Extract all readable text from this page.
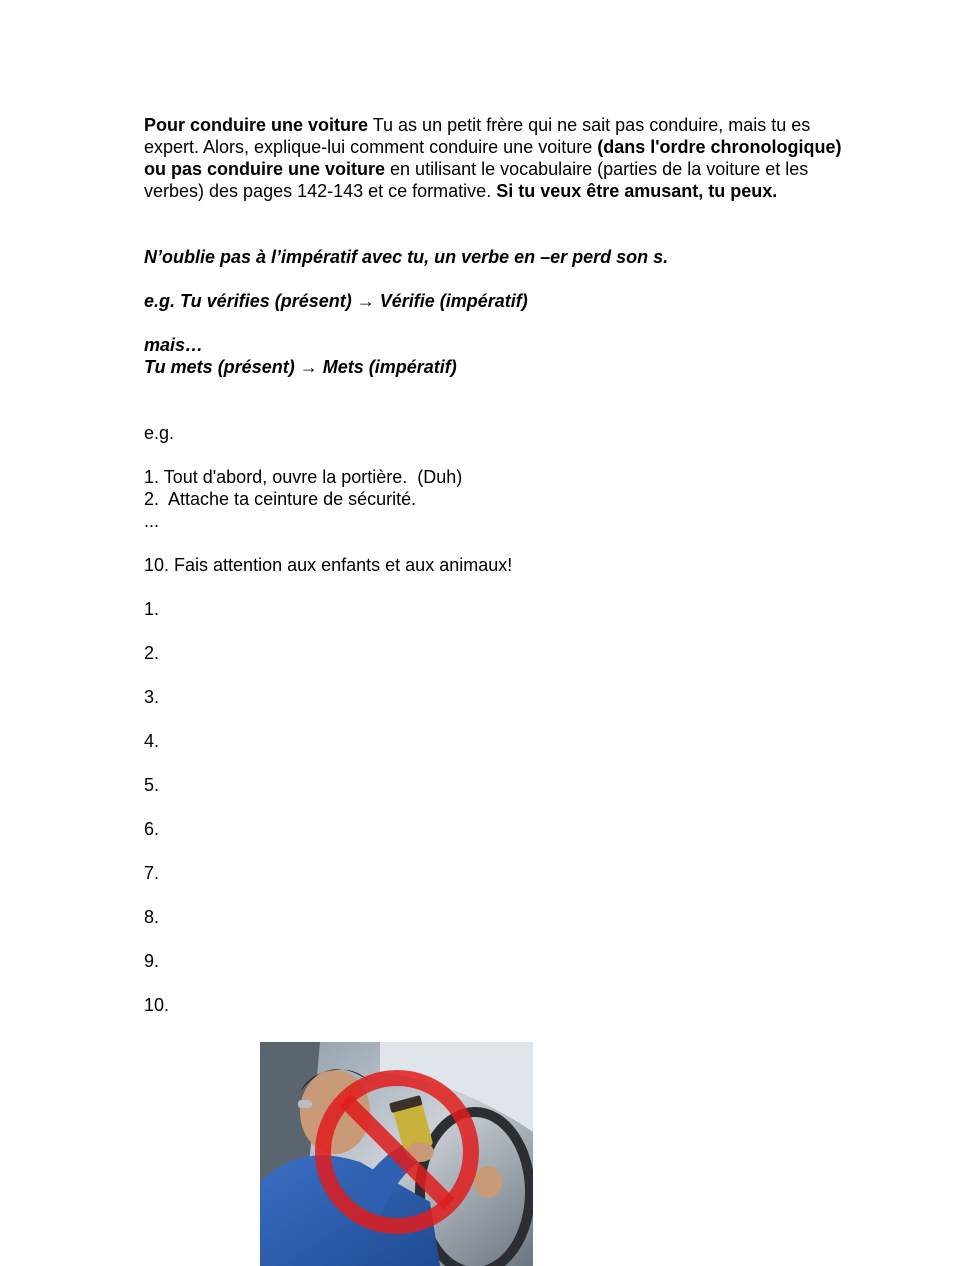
Pour conduire une voiture Tu as un petit frère qui ne sait pas conduire, mais tu es expert. Alors, explique-lui comment conduire une voiture (dans l'ordre chronologique) ou pas conduire une voiture en utilisant le vocabulaire (parties de la voiture et les verbes) des pages 142-143 et ce formative. Si tu veux être amusant, tu peux.

N’oublie pas à l’impératif avec tu, un verbe en –er perd son s.

e.g. Tu vérifies (présent) → Vérifie (impératif)

mais…

Tu mets (présent) → Mets (impératif)

e.g.

1. Tout d'abord, ouvre la portière.  (Duh)

2.  Attache ta ceinture de sécurité.

...

10. Fais attention aux enfants et aux animaux!

1.

2.

3.

4.

5.

6.

7.

8.

9.

10.
